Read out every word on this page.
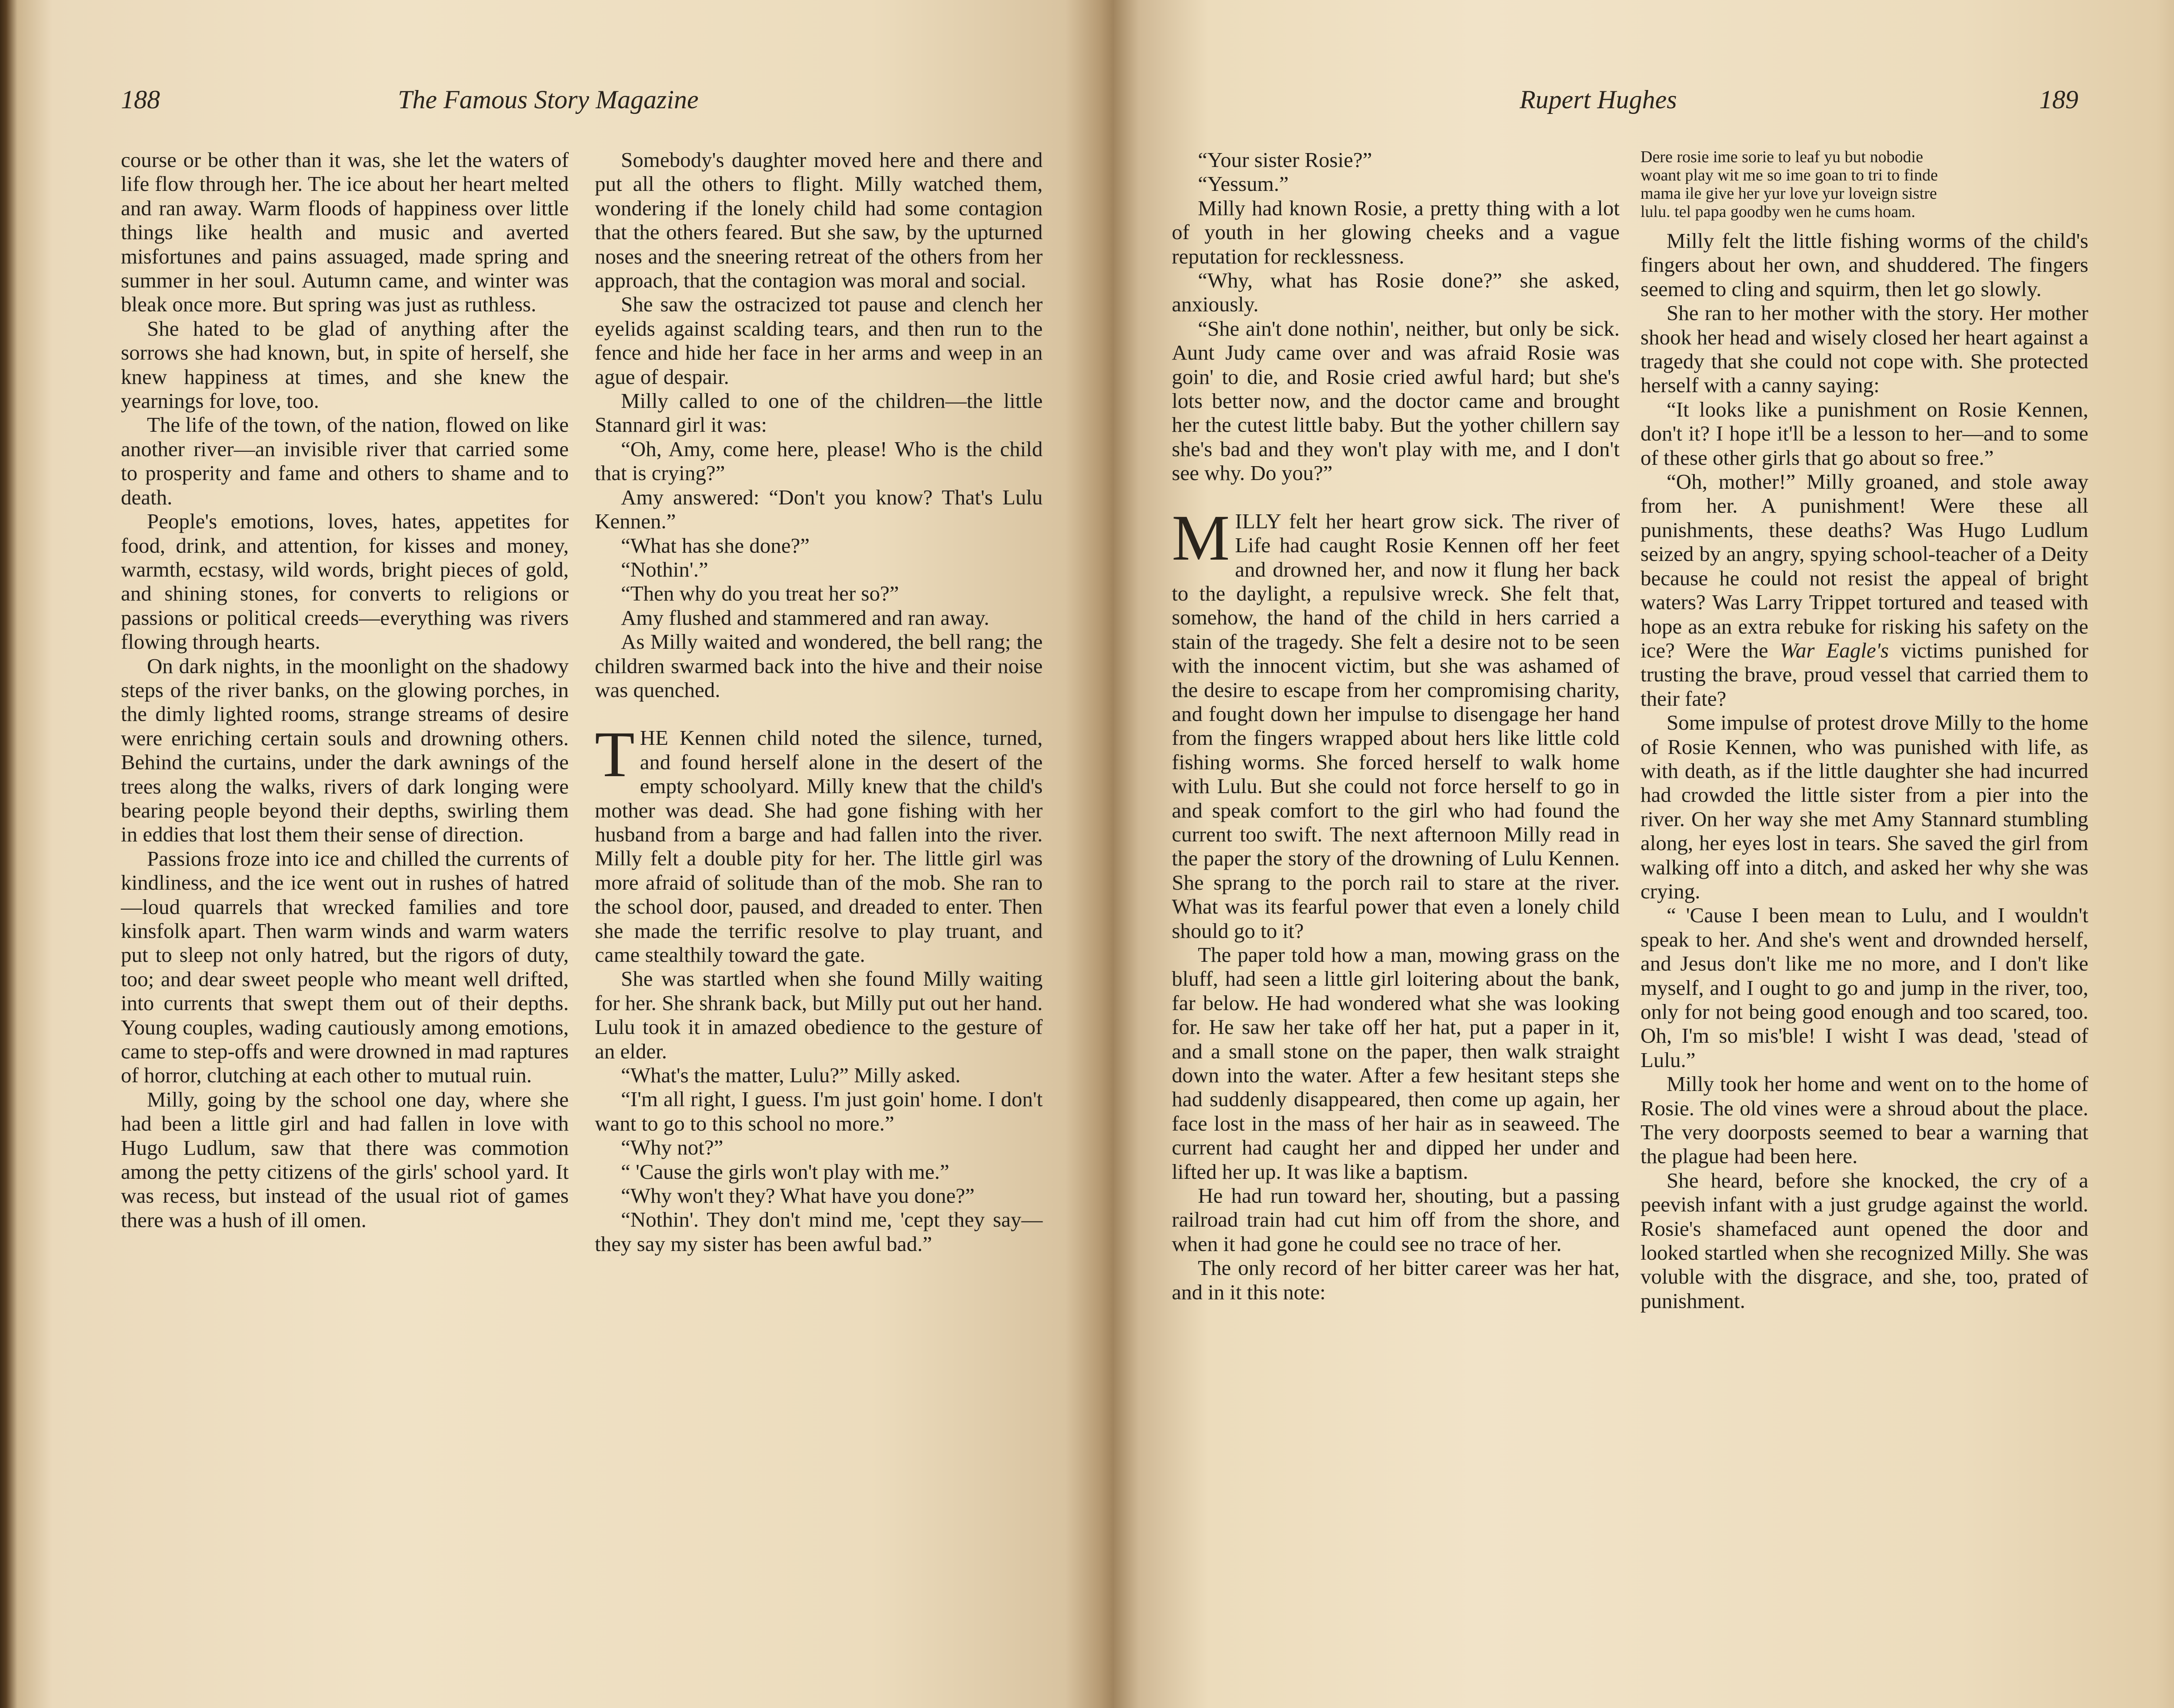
188	The Famous Story Magazine

course or be other than it was, she let the waters of life flow through her. The ice about her heart melted and ran away. Warm floods of happiness over little things like health and music and averted misfortunes and pains assuaged, made spring and summer in her soul. Autumn came, and winter was bleak once more. But spring was just as ruthless.

She hated to be glad of anything after the sorrows she had known, but, in spite of herself, she knew happiness at times, and she knew the yearnings for love, too.

The life of the town, of the nation, flowed on like another river—an invisible river that carried some to prosperity and fame and others to shame and to death.

People's emotions, loves, hates, appetites for food, drink, and attention, for kisses and money, warmth, ecstasy, wild words, bright pieces of gold, and shining stones, for converts to religions or passions or political creeds—everything was rivers flowing through hearts.

On dark nights, in the moonlight on the shadowy steps of the river banks, on the glowing porches, in the dimly lighted rooms, strange streams of desire were enriching certain souls and drowning others. Behind the curtains, under the dark awnings of the trees along the walks, rivers of dark longing were bearing people beyond their depths, swirling them in eddies that lost them their sense of direction.

Passions froze into ice and chilled the currents of kindliness, and the ice went out in rushes of hatred—loud quarrels that wrecked families and tore kinsfolk apart. Then warm winds and warm waters put to sleep not only hatred, but the rigors of duty, too; and dear sweet people who meant well drifted, into currents that swept them out of their depths. Young couples, wading cautiously among emotions, came to step-offs and were drowned in mad raptures of horror, clutching at each other to mutual ruin.

Milly, going by the school one day, where she had been a little girl and had fallen in love with Hugo Ludlum, saw that there was commotion among the petty citizens of the girls' school yard. It was recess, but instead of the usual riot of games there was a hush of ill omen.

Somebody's daughter moved here and there and put all the others to flight. Milly watched them, wondering if the lonely child had some contagion that the others feared. But she saw, by the upturned noses and the sneering retreat of the others from her approach, that the contagion was moral and social.

She saw the ostracized tot pause and clench her eyelids against scalding tears, and then run to the fence and hide her face in her arms and weep in an ague of despair.

Milly called to one of the children—the little Stannard girl it was:

“Oh, Amy, come here, please! Who is the child that is crying?”

Amy answered: “Don't you know? That's Lulu Kennen.”

“What has she done?”

“Nothin'.”

“Then why do you treat her so?”

Amy flushed and stammered and ran away.

As Milly waited and wondered, the bell rang; the children swarmed back into the hive and their noise was quenched.

THE Kennen child noted the silence, turned, and found herself alone in the desert of the empty schoolyard. Milly knew that the child's mother was dead. She had gone fishing with her husband from a barge and had fallen into the river. Milly felt a double pity for her. The little girl was more afraid of solitude than of the mob. She ran to the school door, paused, and dreaded to enter. Then she made the terrific resolve to play truant, and came stealthily toward the gate.

She was startled when she found Milly waiting for her. She shrank back, but Milly put out her hand. Lulu took it in amazed obedience to the gesture of an elder.

“What's the matter, Lulu?” Milly asked.

“I'm all right, I guess. I'm just goin' home. I don't want to go to this school no more.”

“Why not?”

“ 'Cause the girls won't play with me.”

“Why won't they? What have you done?”

“Nothin'. They don't mind me, 'cept they say—they say my sister has been awful bad.”

Rupert Hughes	189

“Your sister Rosie?”

“Yessum.”

Milly had known Rosie, a pretty thing with a lot of youth in her glowing cheeks and a vague reputation for recklessness.

“Why, what has Rosie done?” she asked, anxiously.

“She ain't done nothin', neither, but only be sick. Aunt Judy came over and was afraid Rosie was goin' to die, and Rosie cried awful hard; but she's lots better now, and the doctor came and brought her the cutest little baby. But the yother chillern say she's bad and they won't play with me, and I don't see why. Do you?”

MILLY felt her heart grow sick. The river of Life had caught Rosie Kennen off her feet and drowned her, and now it flung her back to the daylight, a repulsive wreck. She felt that, somehow, the hand of the child in hers carried a stain of the tragedy. She felt a desire not to be seen with the innocent victim, but she was ashamed of the desire to escape from her compromising charity, and fought down her impulse to disengage her hand from the fingers wrapped about hers like little cold fishing worms. She forced herself to walk home with Lulu. But she could not force herself to go in and speak comfort to the girl who had found the current too swift. The next afternoon Milly read in the paper the story of the drowning of Lulu Kennen. She sprang to the porch rail to stare at the river. What was its fearful power that even a lonely child should go to it?

The paper told how a man, mowing grass on the bluff, had seen a little girl loitering about the bank, far below. He had wondered what she was looking for. He saw her take off her hat, put a paper in it, and a small stone on the paper, then walk straight down into the water. After a few hesitant steps she had suddenly disappeared, then come up again, her face lost in the mass of her hair as in seaweed. The current had caught her and dipped her under and lifted her up. It was like a baptism.

He had run toward her, shouting, but a passing railroad train had cut him off from the shore, and when it had gone he could see no trace of her.

The only record of her bitter career was her hat, and in it this note:

Dere rosie ime sorie to leaf yu but nobodie
woant play wit me so ime goan to tri to finde
mama ile give her yur love yur loveign sistre
lulu. tel papa goodby wen he cums hoam.

Milly felt the little fishing worms of the child's fingers about her own, and shuddered. The fingers seemed to cling and squirm, then let go slowly.

She ran to her mother with the story. Her mother shook her head and wisely closed her heart against a tragedy that she could not cope with. She protected herself with a canny saying:

“It looks like a punishment on Rosie Kennen, don't it? I hope it'll be a lesson to her—and to some of these other girls that go about so free.”

“Oh, mother!” Milly groaned, and stole away from her. A punishment! Were these all punishments, these deaths? Was Hugo Ludlum seized by an angry, spying school-teacher of a Deity because he could not resist the appeal of bright waters? Was Larry Trippet tortured and teased with hope as an extra rebuke for risking his safety on the ice? Were the War Eagle's victims punished for trusting the brave, proud vessel that carried them to their fate?

Some impulse of protest drove Milly to the home of Rosie Kennen, who was punished with life, as with death, as if the little daughter she had incurred had crowded the little sister from a pier into the river. On her way she met Amy Stannard stumbling along, her eyes lost in tears. She saved the girl from walking off into a ditch, and asked her why she was crying.

“ 'Cause I been mean to Lulu, and I wouldn't speak to her. And she's went and drownded herself, and Jesus don't like me no more, and I don't like myself, and I ought to go and jump in the river, too, only for not being good enough and too scared, too. Oh, I'm so mis'ble! I wisht I was dead, 'stead of Lulu.”

Milly took her home and went on to the home of Rosie. The old vines were a shroud about the place. The very doorposts seemed to bear a warning that the plague had been here.

She heard, before she knocked, the cry of a peevish infant with a just grudge against the world. Rosie's shamefaced aunt opened the door and looked startled when she recognized Milly. She was voluble with the disgrace, and she, too, prated of punishment.
